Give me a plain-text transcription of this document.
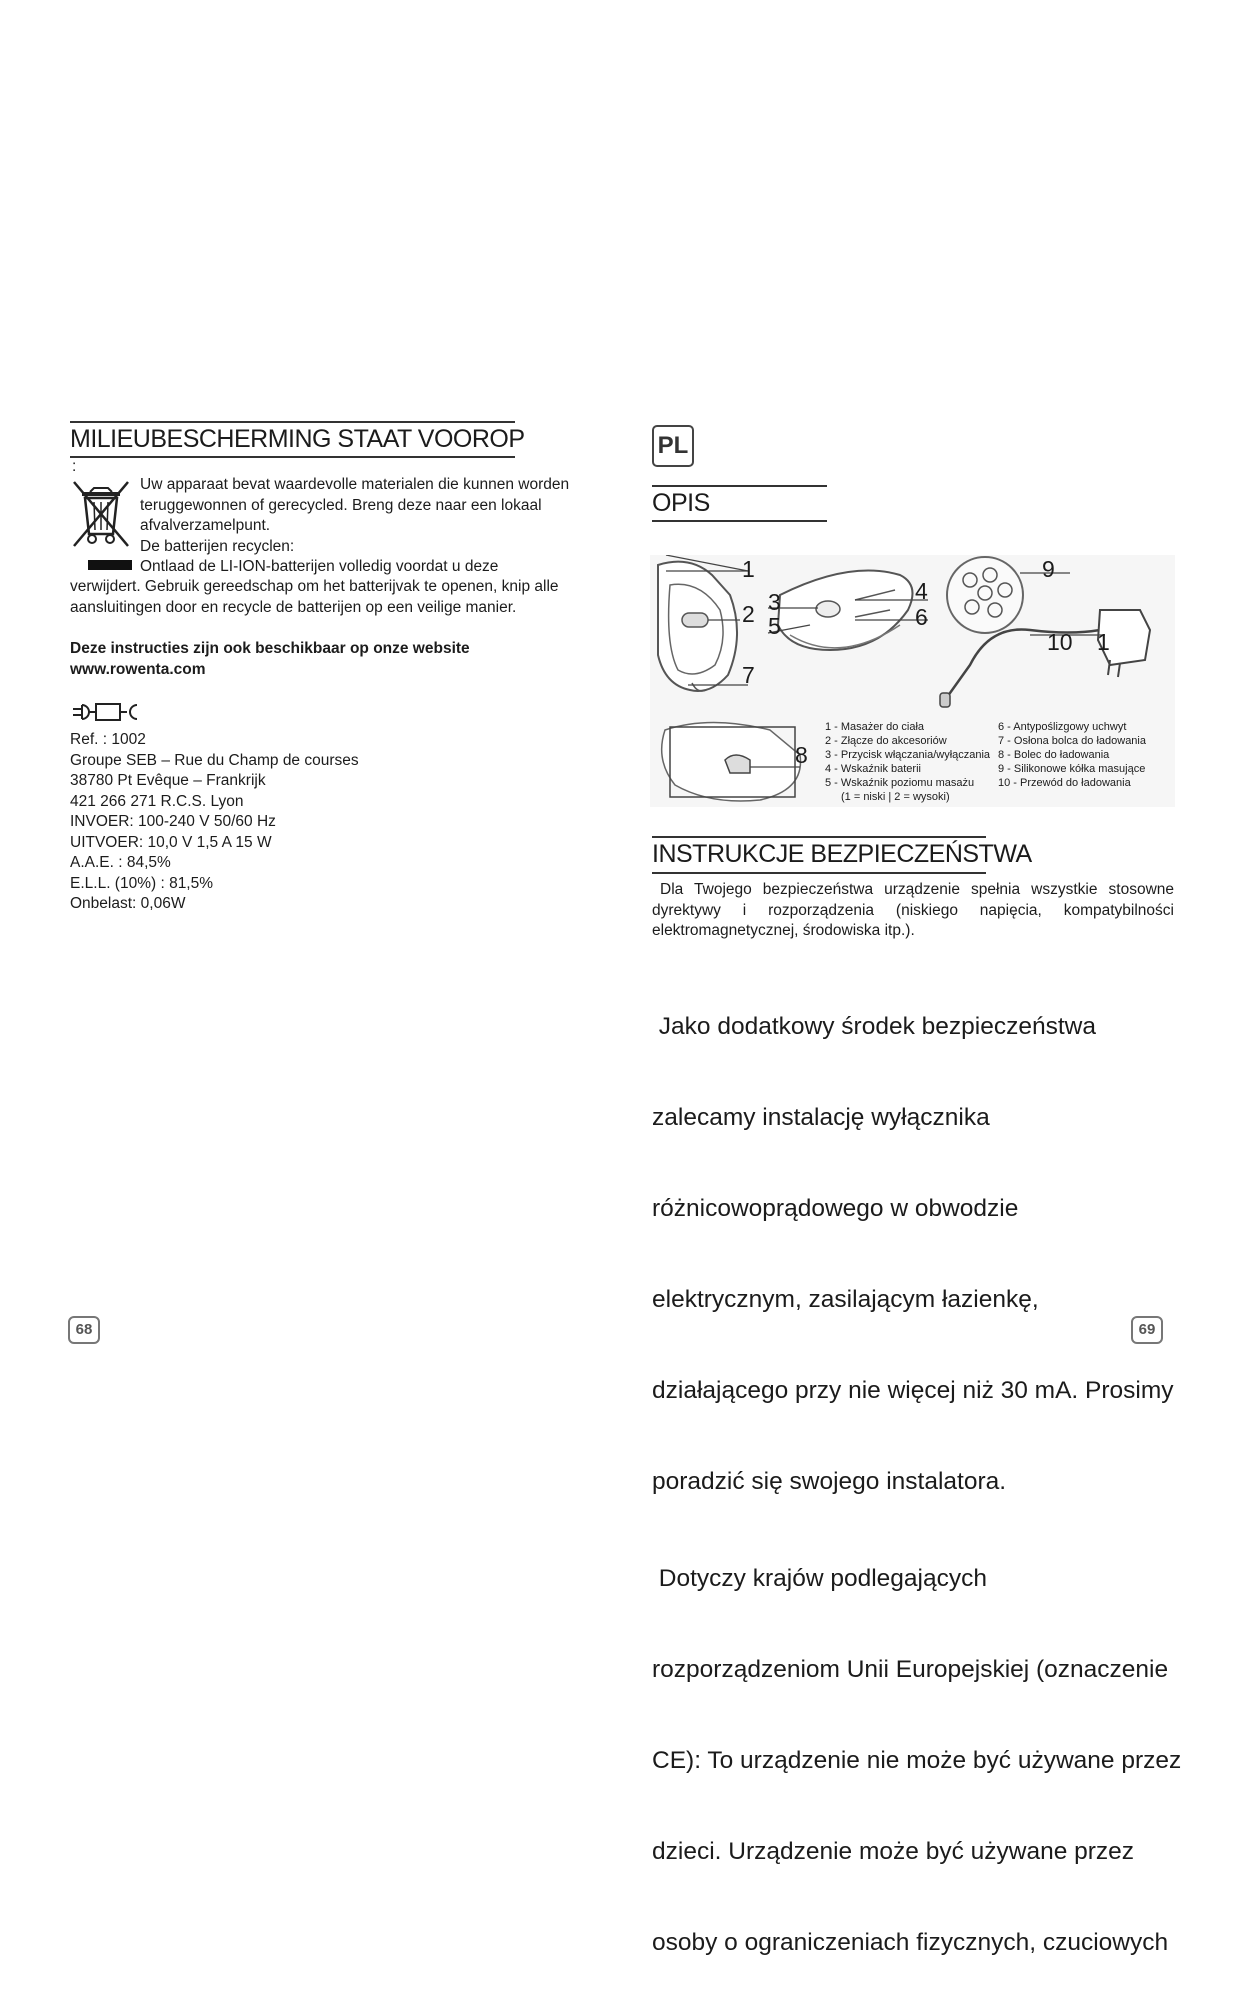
MILIEUBESCHERMING STAAT VOOROP
:
Uw apparaat bevat waardevolle materialen die kunnen worden
teruggewonnen of gerecycled. Breng deze naar een lokaal
afvalverzamelpunt.
De batterijen recyclen:
Ontlaad de LI-ION-batterijen volledig voordat u deze
verwijdert. Gebruik gereedschap om het batterijvak te openen, knip alle
aansluitingen door en recycle de batterijen op een veilige manier.
Deze instructies zijn ook beschikbaar op onze website
www.rowenta.com
Ref. : 1002
Groupe SEB – Rue du Champ de courses
38780 Pt Evêque – Frankrijk
421 266 271 R.C.S. Lyon
INVOER: 100-240 V 50/60 Hz
UITVOER: 10,0 V 1,5 A 15 W
A.A.E. : 84,5%
E.L.L. (10%) : 81,5%
Onbelast: 0,06W
68
PL
OPIS
1
2 3
5
4
6
7
9
10 1
8
1 - Masażer do ciała
2 - Złącze do akcesoriów
3 - Przycisk włączania/wyłączania
4 - Wskaźnik baterii
5 - Wskaźnik poziomu masażu
(1 = niski | 2 = wysoki)
6 - Antypoślizgowy uchwyt
7 - Osłona bolca do ładowania
8 - Bolec do ładowania
9 - Silikonowe kółka masujące
10 - Przewód do ładowania
INSTRUKCJE BEZPIECZEŃSTWA
Dla Twojego bezpieczeństwa urządzenie spełnia wszystkie stosowne
dyrektywy i rozporządzenia (niskiego napięcia, kompatybilności
elektromagnetycznej, środowiska itp.).

Jako dodatkowy środek bezpieczeństwa

zalecamy instalację wyłącznika

różnicowoprądowego w obwodzie

elektrycznym, zasilającym łazienkę,

działającego przy nie więcej niż 30 mA. Prosimy

poradzić się swojego instalatora.

Dotyczy krajów podlegających

rozporządzeniom Unii Europejskiej (oznaczenie

CE): To urządzenie nie może być używane przez

dzieci. Urządzenie może być używane przez

osoby o ograniczeniach fizycznych, czuciowych

69
